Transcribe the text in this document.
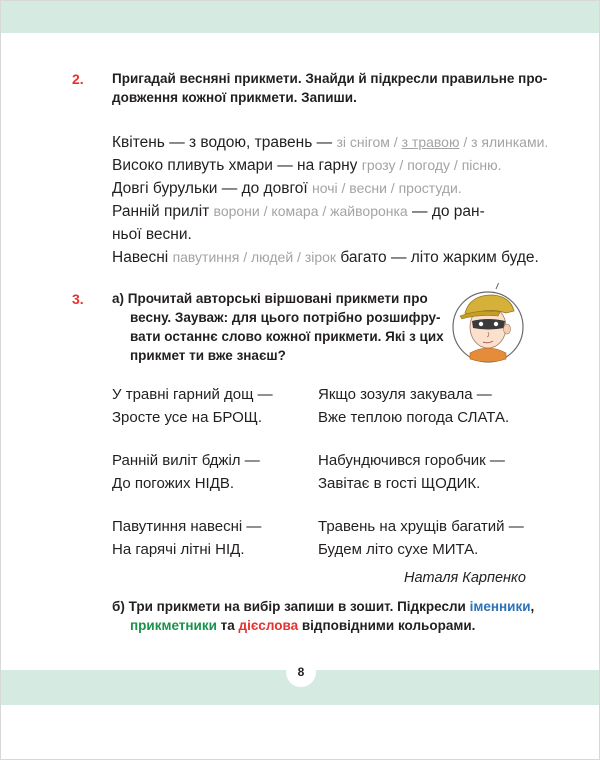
8
2. Пригадай весняні прикмети. Знайди й підкресли правильне про-

довження кожної прикмети. Запиши.

Квітень — з водою, травень — зі снігом / з травою / з ялинками.

Високо пливуть хмари — на гарну грозу / погоду / пісню.

Довгі бурульки — до довгої ночі / весни / простуди.

Ранній приліт ворони / комара / жайворонка — до ран-

ньої весни.

Навесні павутиння / людей / зірок багато — літо жарким буде.

3. а) Прочитай авторські віршовані прикмети про

весну. Зауваж: для цього потрібно розшифру-

вати останнє слово кожної прикмети. Які з цих

прикмет ти вже знаєш?

У травні гарний дощ —

Зросте усе на БРОЩ.

Ранній виліт бджіл —

До погожих НІДВ.

Павутиння навесні —

На гарячі літні НІД.

Якщо зозуля закувала —

Вже теплою погода СЛАТА.

Набундючився горобчик —

Завітає в гості ЩОДИК.

Травень на хрущів багатий —

Будем літо сухе МИТА.

Наталя Карпенко

б) Три прикмети на вибір запиши в зошит. Підкресли іменники,

прикметники та дієслова відповідними кольорами.
